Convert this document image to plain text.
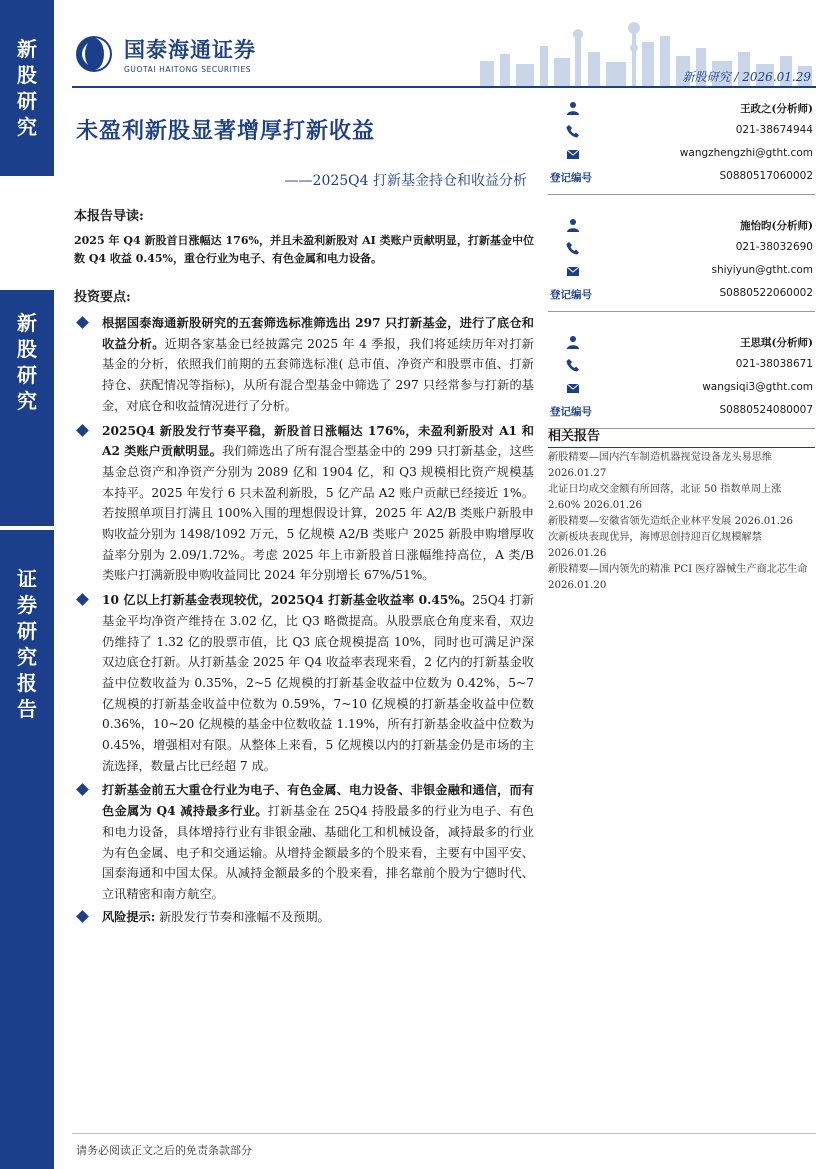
新
股
研
究
证
券
研
究
报
告
新
股
研
究
国泰海通证券
GUOTAI HAITONG SECURITIES
新股研究 / 2026.01.29
未盈利新股显著增厚打新收益
——2025Q4 打新基金持仓和收益分析
本报告导读:

2025 年 Q4 新股首日涨幅达 176%，并且未盈利新股对 AI 类账户贡献明显，打新基金中位数 Q4 收益 0.45%，重仓行业为电子、有色金属和电力设备。

投资要点:
根据国泰海通新股研究的五套筛选标准筛选出 297 只打新基金，进行了底仓和收益分析。近期各家基金已经披露完 2025 年 4 季报，我们将延续历年对打新基金的分析，依照我们前期的五套筛选标准( 总市值、净资产和股票市值、打新持仓、获配情况等指标)，从所有混合型基金中筛选了 297 只经常参与打新的基金，对底仓和收益情况进行了分析。
2025Q4 新股发行节奏平稳，新股首日涨幅达 176%，未盈利新股对 A1 和 A2 类账户贡献明显。我们筛选出了所有混合型基金中的 299 只打新基金，这些基金总资产和净资产分别为 2089 亿和 1904 亿，和 Q3 规模相比资产规模基本持平。2025 年发行 6 只未盈利新股，5 亿产品 A2 账户贡献已经接近 1%。若按照单项目打满且 100%入围的理想假设计算，2025 年 A2/B 类账户新股申购收益分别为 1498/1092 万元，5 亿规模 A2/B 类账户 2025 新股申购增厚收益率分别为 2.09/1.72%。考虑 2025 年上市新股首日涨幅维持高位，A 类/B 类账户打满新股申购收益同比 2024 年分别增长 67%/51%。
10 亿以上打新基金表现较优，2025Q4 打新基金收益率 0.45%。25Q4 打新基金平均净资产维持在 3.02 亿，比 Q3 略微提高。从股票底仓角度来看，双边仍维持了 1.32 亿的股票市值，比 Q3 底仓规模提高 10%，同时也可满足沪深双边底仓打新。从打新基金 2025 年 Q4 收益率表现来看，2 亿内的打新基金收益中位数收益为 0.35%，2~5 亿规模的打新基金收益中位数为 0.42%，5~7 亿规模的打新基金收益中位数为 0.59%，7~10 亿规模的打新基金收益中位数 0.36%，10~20 亿规模的基金中位数收益 1.19%，所有打新基金收益中位数为 0.45%，增强相对有限。从整体上来看，5 亿规模以内的打新基金仍是市场的主流选择，数量占比已经超 7 成。
打新基金前五大重仓行业为电子、有色金属、电力设备、非银金融和通信，而有色金属为 Q4 减持最多行业。打新基金在 25Q4 持股最多的行业为电子、有色和电力设备，具体增持行业有非银金融、基础化工和机械设备，减持最多的行业为有色金属、电子和交通运输。从增持金额最多的个股来看，主要有中国平安、国泰海通和中国太保。从减持金额最多的个股来看，排名靠前个股为宁德时代、立讯精密和南方航空。
风险提示: 新股发行节奏和涨幅不及预期。
王政之(分析师)
021-38674944
wangzhengzhi@gtht.com
登记编号	S0880517060002
施怡昀(分析师)
021-38032690
shiyiyun@gtht.com
登记编号	S0880522060002
王思琪(分析师)
021-38038671
wangsiqi3@gtht.com
登记编号	S0880524080007
相关报告
新股精要—国内汽车制造机器视觉设备龙头易思维 2026.01.27
北证日均成交金额有所回落，北证 50 指数单周上涨 2.60% 2026.01.26
新股精要—安徽省领先造纸企业林平发展 2026.01.26
次新板块表现优异，海博思创持迎百亿规模解禁 2026.01.26
新股精要—国内领先的精准 PCI 医疗器械生产商北芯生命 2026.01.20
请务必阅读正文之后的免责条款部分
